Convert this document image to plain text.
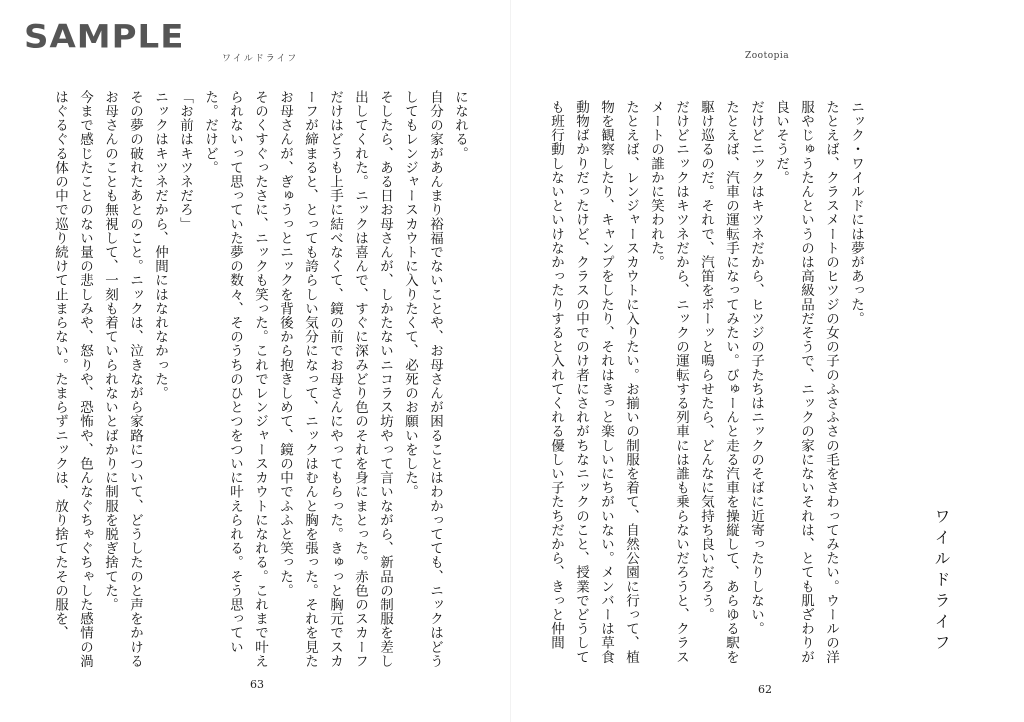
SAMPLE
ワイルドライフ

になれる。

自分の家があんまり裕福でないことや、お母さんが困ることはわかってても、ニックはどうしてもレンジャースカウトに入りたくて、必死のお願いをした。

そしたら、ある日お母さんが、しかたないニコラス坊やって言いながら、新品の制服を差し出してくれた。ニックは喜んで、すぐに深みどり色のそれを身にまとった。赤色のスカーフだけはどうも上手に結べなくて、鏡の前でお母さんにやってもらった。きゅっと胸元でスカーフが締まると、とっても誇らしい気分になって、ニックはむんと胸を張った。それを見たお母さんが、ぎゅうっとニックを背後から抱きしめて、鏡の中でふふと笑った。

そのくすぐったさに、ニックも笑った。これでレンジャースカウトになれる。これまで叶えられないって思っていた夢の数々、そのうちのひとつをついに叶えられる。そう思っていた。だけど。

「お前はキツネだろ」

ニックはキツネだから、仲間にはなれなかった。

その夢の破れたあとのこと。ニックは、泣きながら家路について、どうしたのと声をかけるお母さんのことも無視して、一刻も着ていられないとばかりに制服を脱ぎ捨てた。

今まで感じたことのない量の悲しみや、怒りや、恐怖や、色んなぐちゃぐちゃした感情の渦はぐるぐる体の中で巡り続けて止まらない。たまらずニックは、放り捨てたその服を、

63
Zootopia
ワイルドライフ

ニック・ワイルドには夢があった。

たとえば、クラスメートのヒツジの女の子のふさふさの毛をさわってみたい。ウールの洋服やじゅうたんというのは高級品だそうで、ニックの家にないそれは、とても肌ざわりが良いそうだ。

だけどニックはキツネだから、ヒツジの子たちはニックのそばに近寄ったりしない。

たとえば、汽車の運転手になってみたい。びゅーんと走る汽車を操縦して、あらゆる駅を駆け巡るのだ。それで、汽笛をポーッと鳴らせたら、どんなに気持ち良いだろう。

だけどニックはキツネだから、ニックの運転する列車には誰も乗らないだろうと、クラスメートの誰かに笑われた。

たとえば、レンジャースカウトに入りたい。お揃いの制服を着て、自然公園に行って、植物を観察したり、キャンプをしたり、それはきっと楽しいにちがいない。メンバーは草食動物ばかりだったけど、クラスの中でのけ者にされがちなニックのこと、授業でどうしても班行動しないといけなかったりすると入れてくれる優しい子たちだから、きっと仲間

62
